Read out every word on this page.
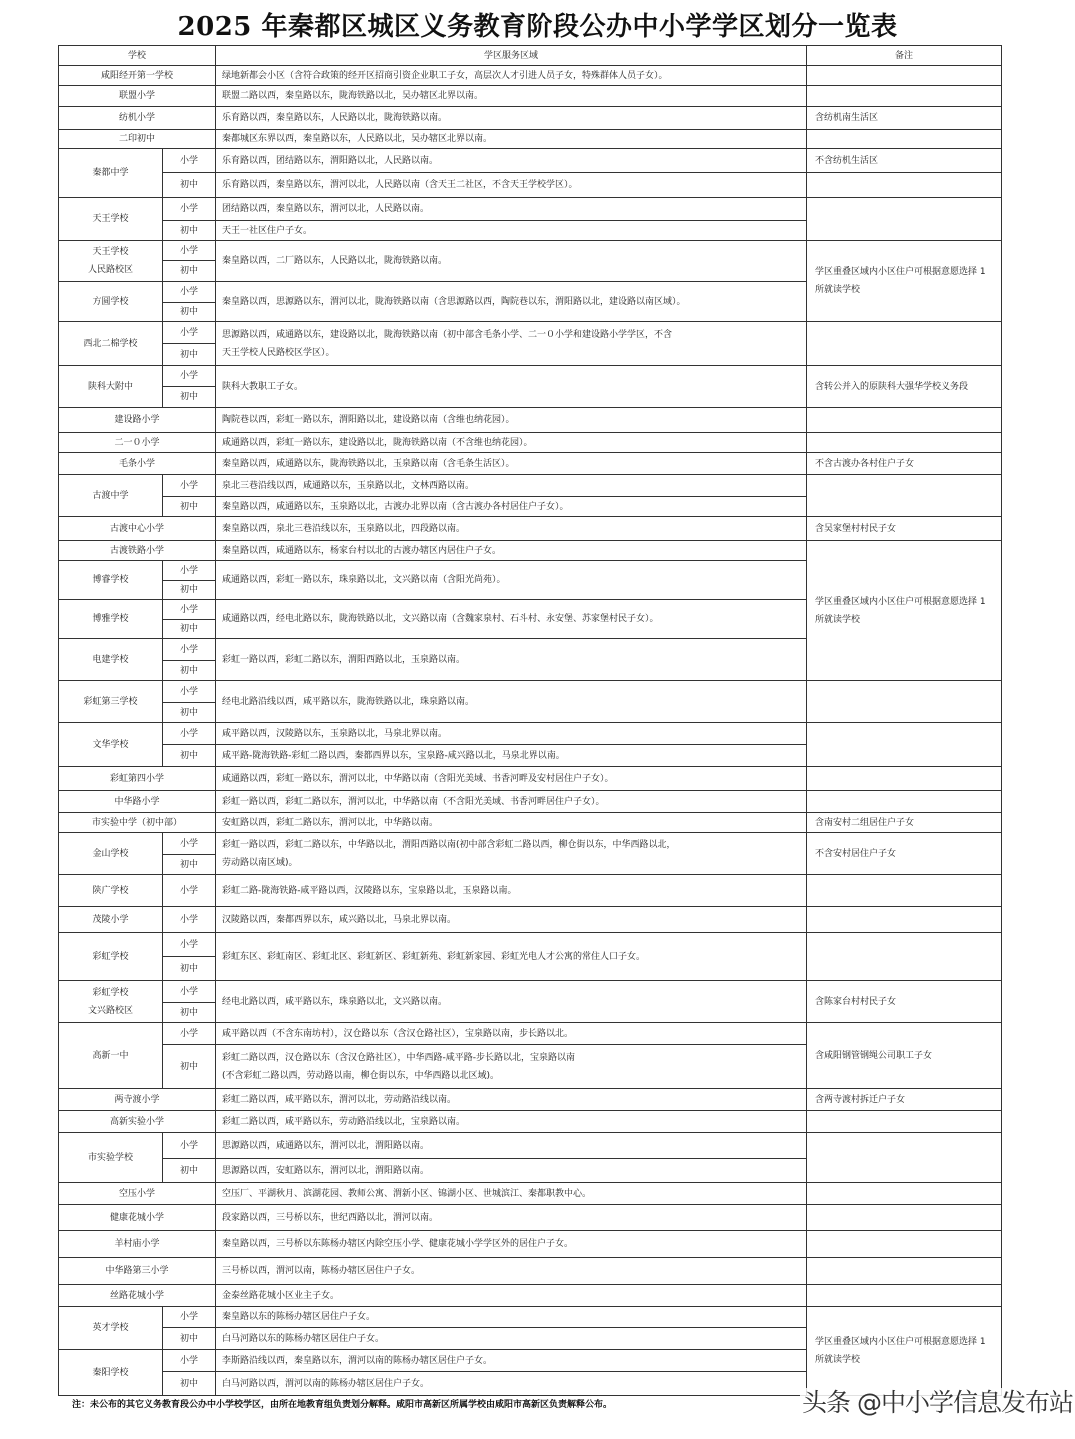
2025 年秦都区城区义务教育阶段公办中小学学区划分一览表
学校		学区服务区域	备注
咸阳经开第一学校		绿地新都会小区（含符合政策的经开区招商引资企业职工子女，高层次人才引进人员子女，特殊群体人员子女）。	
联盟小学		联盟二路以西，秦皇路以东，陇海铁路以北，吴办辖区北界以南。	
纺机小学		乐育路以西，秦皇路以东，人民路以北，陇海铁路以南。	含纺机南生活区
二印初中		秦都城区东界以西，秦皇路以东，人民路以北，吴办辖区北界以南。	
秦都中学	小学	乐育路以西，团结路以东，渭阳路以北，人民路以南。	不含纺机生活区
	初中	乐育路以西，秦皇路以东，渭河以北，人民路以南（含天王二社区，不含天王学校学区）。	
天王学校	小学	团结路以西，秦皇路以东，渭河以北，人民路以南。	
	初中	天王一社区住户子女。	
天王学校
人民路校区	小学	秦皇路以西，二厂路以东，人民路以北，陇海铁路以南。	学区重叠区域内小区住户可根据意愿选择 1 所就读学校
	初中		
方圆学校	小学	秦皇路以西，思源路以东，渭河以北，陇海铁路以南（含思源路以西，陶院巷以东，渭阳路以北，建设路以南区域）。	
	初中		
西北二棉学校	小学	思源路以西，咸通路以东，建设路以北，陇海铁路以南（初中部含毛条小学、二一０小学和建设路小学学区，不含
天王学校人民路校区学区）。	
	初中		
陕科大附中	小学	陕科大教职工子女。	含转公并入的原陕科大强华学校义务段
	初中		
建设路小学		陶院巷以西，彩虹一路以东，渭阳路以北，建设路以南（含维也纳花园）。	
二一０小学		咸通路以西，彩虹一路以东，建设路以北，陇海铁路以南（不含维也纳花园）。	
毛条小学		秦皇路以西，咸通路以东，陇海铁路以北，玉泉路以南（含毛条生活区）。	不含古渡办各村住户子女
古渡中学	小学	泉北三巷沿线以西，咸通路以东，玉泉路以北，文林西路以南。	
	初中	秦皇路以西，咸通路以东，玉泉路以北，古渡办北界以南（含古渡办各村居住户子女）。	
古渡中心小学		秦皇路以西，泉北三巷沿线以东，玉泉路以北，四段路以南。	含吴家堡村村民子女
古渡铁路小学		秦皇路以西，咸通路以东，杨家台村以北的古渡办辖区内居住户子女。	学区重叠区域内小区住户可根据意愿选择 1 所就读学校
博睿学校	小学	咸通路以西，彩虹一路以东，珠泉路以北，文兴路以南（含阳光尚苑）。	
	初中		
博雅学校	小学	咸通路以西，经电北路以东，陇海铁路以北，文兴路以南（含魏家泉村、石斗村、永安堡、苏家堡村民子女）。	
	初中		
电建学校	小学	彩虹一路以西，彩虹二路以东，渭阳西路以北，玉泉路以南。	
	初中		
彩虹第三学校	小学	经电北路沿线以西，咸平路以东，陇海铁路以北，珠泉路以南。	
	初中		
文华学校	小学	咸平路以西，汉陵路以东，玉泉路以北，马泉北界以南。	
	初中	咸平路-陇海铁路-彩虹二路以西，秦都西界以东，宝泉路-咸兴路以北，马泉北界以南。	
彩虹第四小学		咸通路以西，彩虹一路以东，渭河以北，中华路以南（含阳光美域、书香河畔及安村居住户子女）。	
中华路小学		彩虹一路以西，彩虹二路以东，渭河以北，中华路以南（不含阳光美域、书香河畔居住户子女）。	
市实验中学（初中部）		安虹路以西，彩虹二路以东，渭河以北，中华路以南。	含南安村二组居住户子女
金山学校	小学	彩虹一路以西，彩虹二路以东，中华路以北，渭阳西路以南(初中部含彩虹二路以西，柳仓街以东，中华西路以北，
劳动路以南区域)。	不含安村居住户子女
	初中		
陕广学校	小学	彩虹二路-陇海铁路-咸平路以西，汉陵路以东，宝泉路以北，玉泉路以南。	
茂陵小学	小学	汉陵路以西，秦都西界以东，咸兴路以北，马泉北界以南。	
彩虹学校	小学	彩虹东区、彩虹南区、彩虹北区、彩虹新区、彩虹新苑、彩虹新家园、彩虹光电人才公寓的常住人口子女。	
	初中		
彩虹学校
文兴路校区	小学	经电北路以西，咸平路以东，珠泉路以北，文兴路以南。	含陈家台村村民子女
	初中		
高新一中	小学	咸平路以西（不含东南坊村），汉仓路以东（含汉仓路社区），宝泉路以南，步长路以北。	含咸阳钢管钢绳公司职工子女
	初中	彩虹二路以西，汉仓路以东（含汉仓路社区），中华西路-咸平路-步长路以北，宝泉路以南
(不含彩虹二路以西，劳动路以南，柳仓街以东，中华西路以北区域)。	
两寺渡小学		彩虹二路以西，咸平路以东，渭河以北，劳动路沿线以南。	含两寺渡村拆迁户子女
高新实验小学		彩虹二路以西，咸平路以东，劳动路沿线以北，宝泉路以南。	
市实验学校	小学	思源路以西，咸通路以东，渭河以北，渭阳路以南。	
	初中	思源路以西，安虹路以东，渭河以北，渭阳路以南。	
空压小学		空压厂、平湖秋月、滨湖花园、教师公寓、渭新小区、锦湖小区、世城滨江、秦都职教中心。	
健康花城小学		段家路以西，三号桥以东，世纪西路以北，渭河以南。	
羊村庙小学		秦皇路以西，三号桥以东陈杨办辖区内除空压小学、健康花城小学学区外的居住户子女。	
中华路第三小学		三号桥以西，渭河以南，陈杨办辖区居住户子女。	
丝路花城小学		金泰丝路花城小区业主子女。	
英才学校	小学	秦皇路以东的陈杨办辖区居住户子女。	学区重叠区域内小区住户可根据意愿选择 1 所就读学校
	初中	白马河路以东的陈杨办辖区居住户子女。	
秦阳学校	小学	李斯路沿线以西，秦皇路以东，渭河以南的陈杨办辖区居住户子女。	
	初中	白马河路以西，渭河以南的陈杨办辖区居住户子女。	
注：未公布的其它义务教育段公办中小学校学区，由所在地教育组负责划分解释。咸阳市高新区所属学校由咸阳市高新区负责解释公布。	头条 @中小学信息发布站
